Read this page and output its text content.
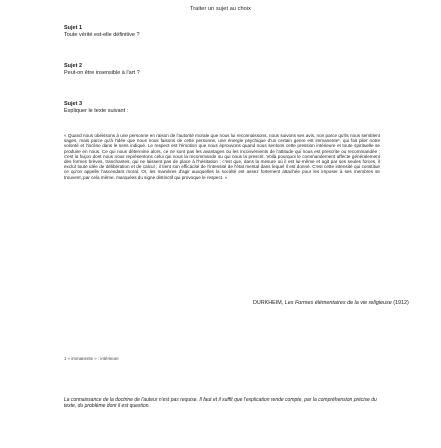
Traiter un sujet au choix
Sujet 1
Toute vérité est-elle définitive ?
Sujet 2
Peut-on être insensible à l'art ?
Sujet 3
Expliquer le texte suivant :
« Quand nous obéissons à une personne en raison de l'autorité morale que nous lui reconnaissons, nous suivons ses avis, non parce qu'ils nous semblent sages, mais parce qu'à l'idée que nous nous faisons de cette personne, une énergie psychique d'un certain genre est immanente¹, qui fait plier notre volonté et l'incline dans le sens indiqué. Le respect est l'émotion que nous éprouvons quand nous sentons cette pression intérieure et toute spirituelle se produire en nous. Ce qui nous détermine alors, ce ne sont pas les avantages ou les inconvénients de l'attitude qui nous est prescrite ou recommandée ; c'est la façon dont nous nous représentons celui qui nous la recommande ou qui nous la prescrit. Voilà pourquoi le commandement affecte généralement des formes brèves, tranchantes, qui ne laissent pas de place à l'hésitation ; c'est que, dans la mesure où il est lui-même et agit par ses seules forces, il exclut toute idée de délibération et de calcul ; il tient son efficacité de l'intensité de l'état mental dans lequel il est donné. C'est cette intensité qui constitue ce qu'on appelle l'ascendant moral. Or, les manières d'agir auxquelles la société est assez fortement attachée pour les imposer à ses membres se trouvent, par cela même, marquées du signe distinctif qui provoque le respect. »
DURKHEIM, Les Formes élémentaires de la vie religieuse (1912)
1 « immanente » : intérieure
La connaissance de la doctrine de l'auteur n'est pas requise. Il faut et il suffit que l'explication rende compte, par la compréhension précise du texte, du problème dont il est question.
